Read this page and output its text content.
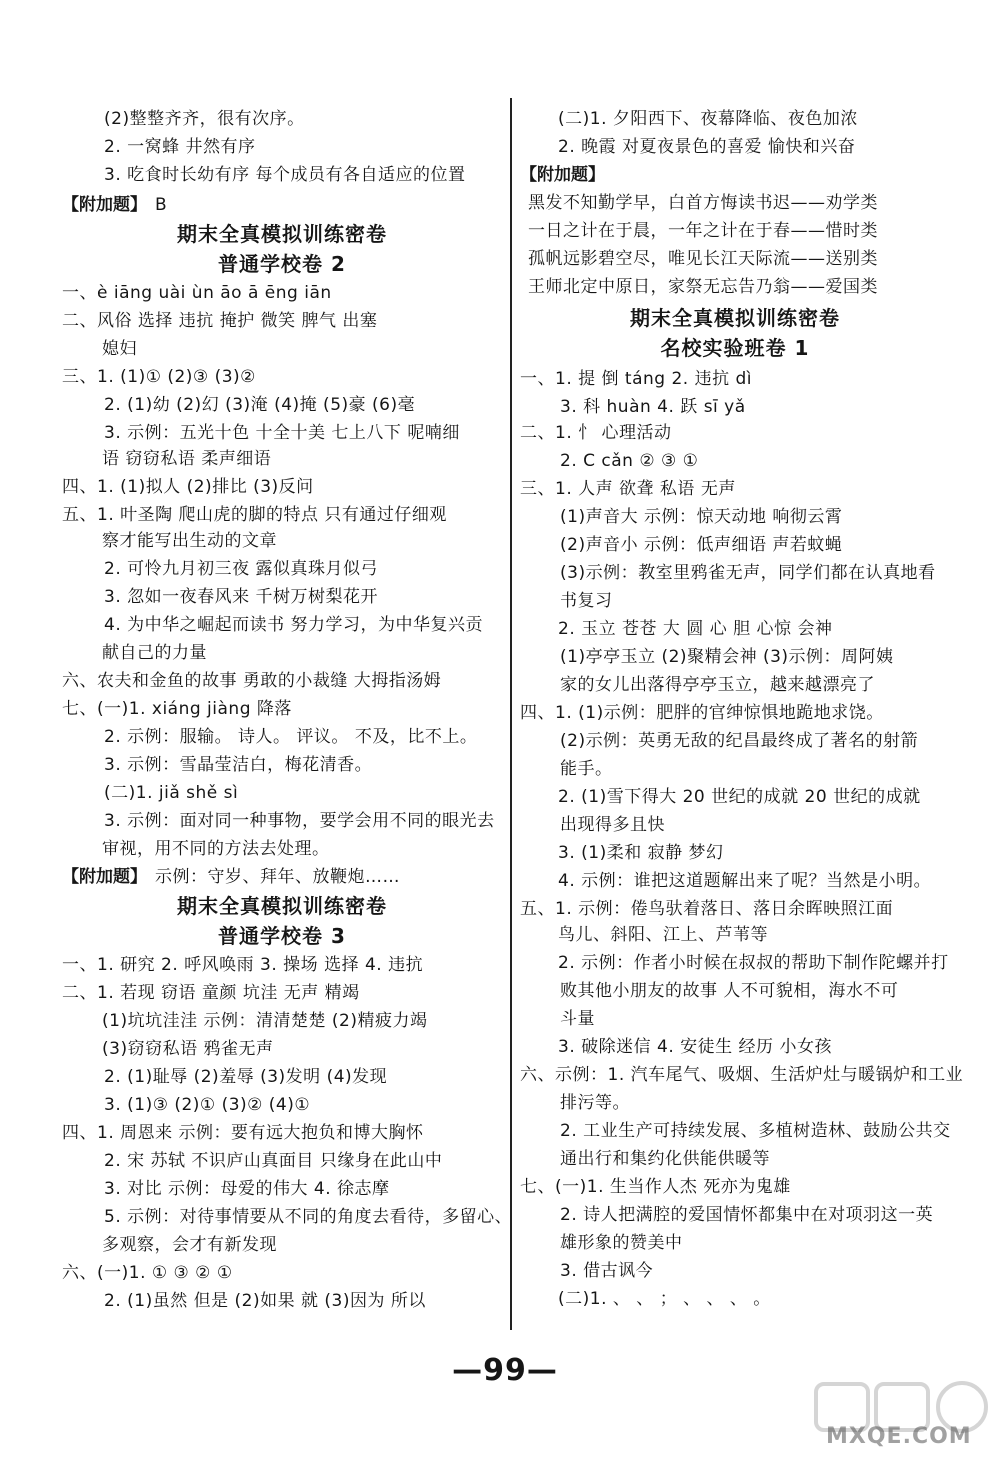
(2)整整齐齐，很有次序。
2. 一窝蜂 井然有序
3. 吃食时长幼有序 每个成员有各自适应的位置
【附加题】 B
期末全真模拟训练密卷
普通学校卷 2
一、è iāng uài ùn āo ā ēng iān
二、风俗 选择 违抗 掩护 微笑 脾气 出塞
媳妇
三、1. (1)① (2)③ (3)②
2. (1)幼 (2)幻 (3)淹 (4)掩 (5)豪 (6)毫
3. 示例：五光十色 十全十美 七上八下 呢喃细
语 窃窃私语 柔声细语
四、1. (1)拟人 (2)排比 (3)反问
五、1. 叶圣陶 爬山虎的脚的特点 只有通过仔细观
察才能写出生动的文章
2. 可怜九月初三夜 露似真珠月似弓
3. 忽如一夜春风来 千树万树梨花开
4. 为中华之崛起而读书 努力学习，为中华复兴贡
献自己的力量
六、农夫和金鱼的故事 勇敢的小裁缝 大拇指汤姆
七、(一)1. xiáng jiàng 降落
2. 示例：服输。 诗人。 评议。 不及，比不上。
3. 示例：雪晶莹洁白，梅花清香。
(二)1. jiǎ shě sì
3. 示例：面对同一种事物，要学会用不同的眼光去
审视，用不同的方法去处理。
【附加题】 示例：守岁、拜年、放鞭炮……
期末全真模拟训练密卷
普通学校卷 3
一、1. 研究 2. 呼风唤雨 3. 操场 选择 4. 违抗
二、1. 若现 窃语 童颜 坑洼 无声 精竭
(1)坑坑洼洼 示例：清清楚楚 (2)精疲力竭
(3)窃窃私语 鸦雀无声
2. (1)耻辱 (2)羞辱 (3)发明 (4)发现
3. (1)③ (2)① (3)② (4)①
四、1. 周恩来 示例：要有远大抱负和博大胸怀
2. 宋 苏轼 不识庐山真面目 只缘身在此山中
3. 对比 示例：母爱的伟大 4. 徐志摩
5. 示例：对待事情要从不同的角度去看待，多留心、
多观察，会才有新发现
六、(一)1. ① ③ ② ①
2. (1)虽然 但是 (2)如果 就 (3)因为 所以
(二)1. 夕阳西下、夜幕降临、夜色加浓
2. 晚霞 对夏夜景色的喜爱 愉快和兴奋
【附加题】
黑发不知勤学早，白首方悔读书迟——劝学类
一日之计在于晨，一年之计在于春——惜时类
孤帆远影碧空尽，唯见长江天际流——送别类
王师北定中原日，家祭无忘告乃翁——爱国类
期末全真模拟训练密卷
名校实验班卷 1
一、1. 提 倒 táng 2. 违抗 dì
3. 科 huàn 4. 跃 sī yǎ
二、1. 忄 心理活动
2. C cǎn ② ③ ①
三、1. 人声 欲聋 私语 无声
(1)声音大 示例：惊天动地 响彻云霄
(2)声音小 示例：低声细语 声若蚊蝇
(3)示例：教室里鸦雀无声，同学们都在认真地看
书复习
2. 玉立 苍苍 大 圆 心 胆 心惊 会神
(1)亭亭玉立 (2)聚精会神 (3)示例：周阿姨
家的女儿出落得亭亭玉立，越来越漂亮了
四、1. (1)示例：肥胖的官绅惊惧地跪地求饶。
(2)示例：英勇无敌的纪昌最终成了著名的射箭
能手。
2. (1)雪下得大 20 世纪的成就 20 世纪的成就
出现得多且快
3. (1)柔和 寂静 梦幻
4. 示例：谁把这道题解出来了呢？当然是小明。
五、1. 示例：倦鸟驮着落日、落日余晖映照江面
鸟儿、斜阳、江上、芦苇等
2. 示例：作者小时候在叔叔的帮助下制作陀螺并打
败其他小朋友的故事 人不可貌相，海水不可
斗量
3. 破除迷信 4. 安徒生 经历 小女孩
六、示例：1. 汽车尾气、吸烟、生活炉灶与暖锅炉和工业
排污等。
2. 工业生产可持续发展、多植树造林、鼓励公共交
通出行和集约化供能供暖等
七、(一)1. 生当作人杰 死亦为鬼雄
2. 诗人把满腔的爱国情怀都集中在对项羽这一英
雄形象的赞美中
3. 借古讽今
(二)1. 、 、 ； 、 、 、 。
—99—
MXQE.COM
